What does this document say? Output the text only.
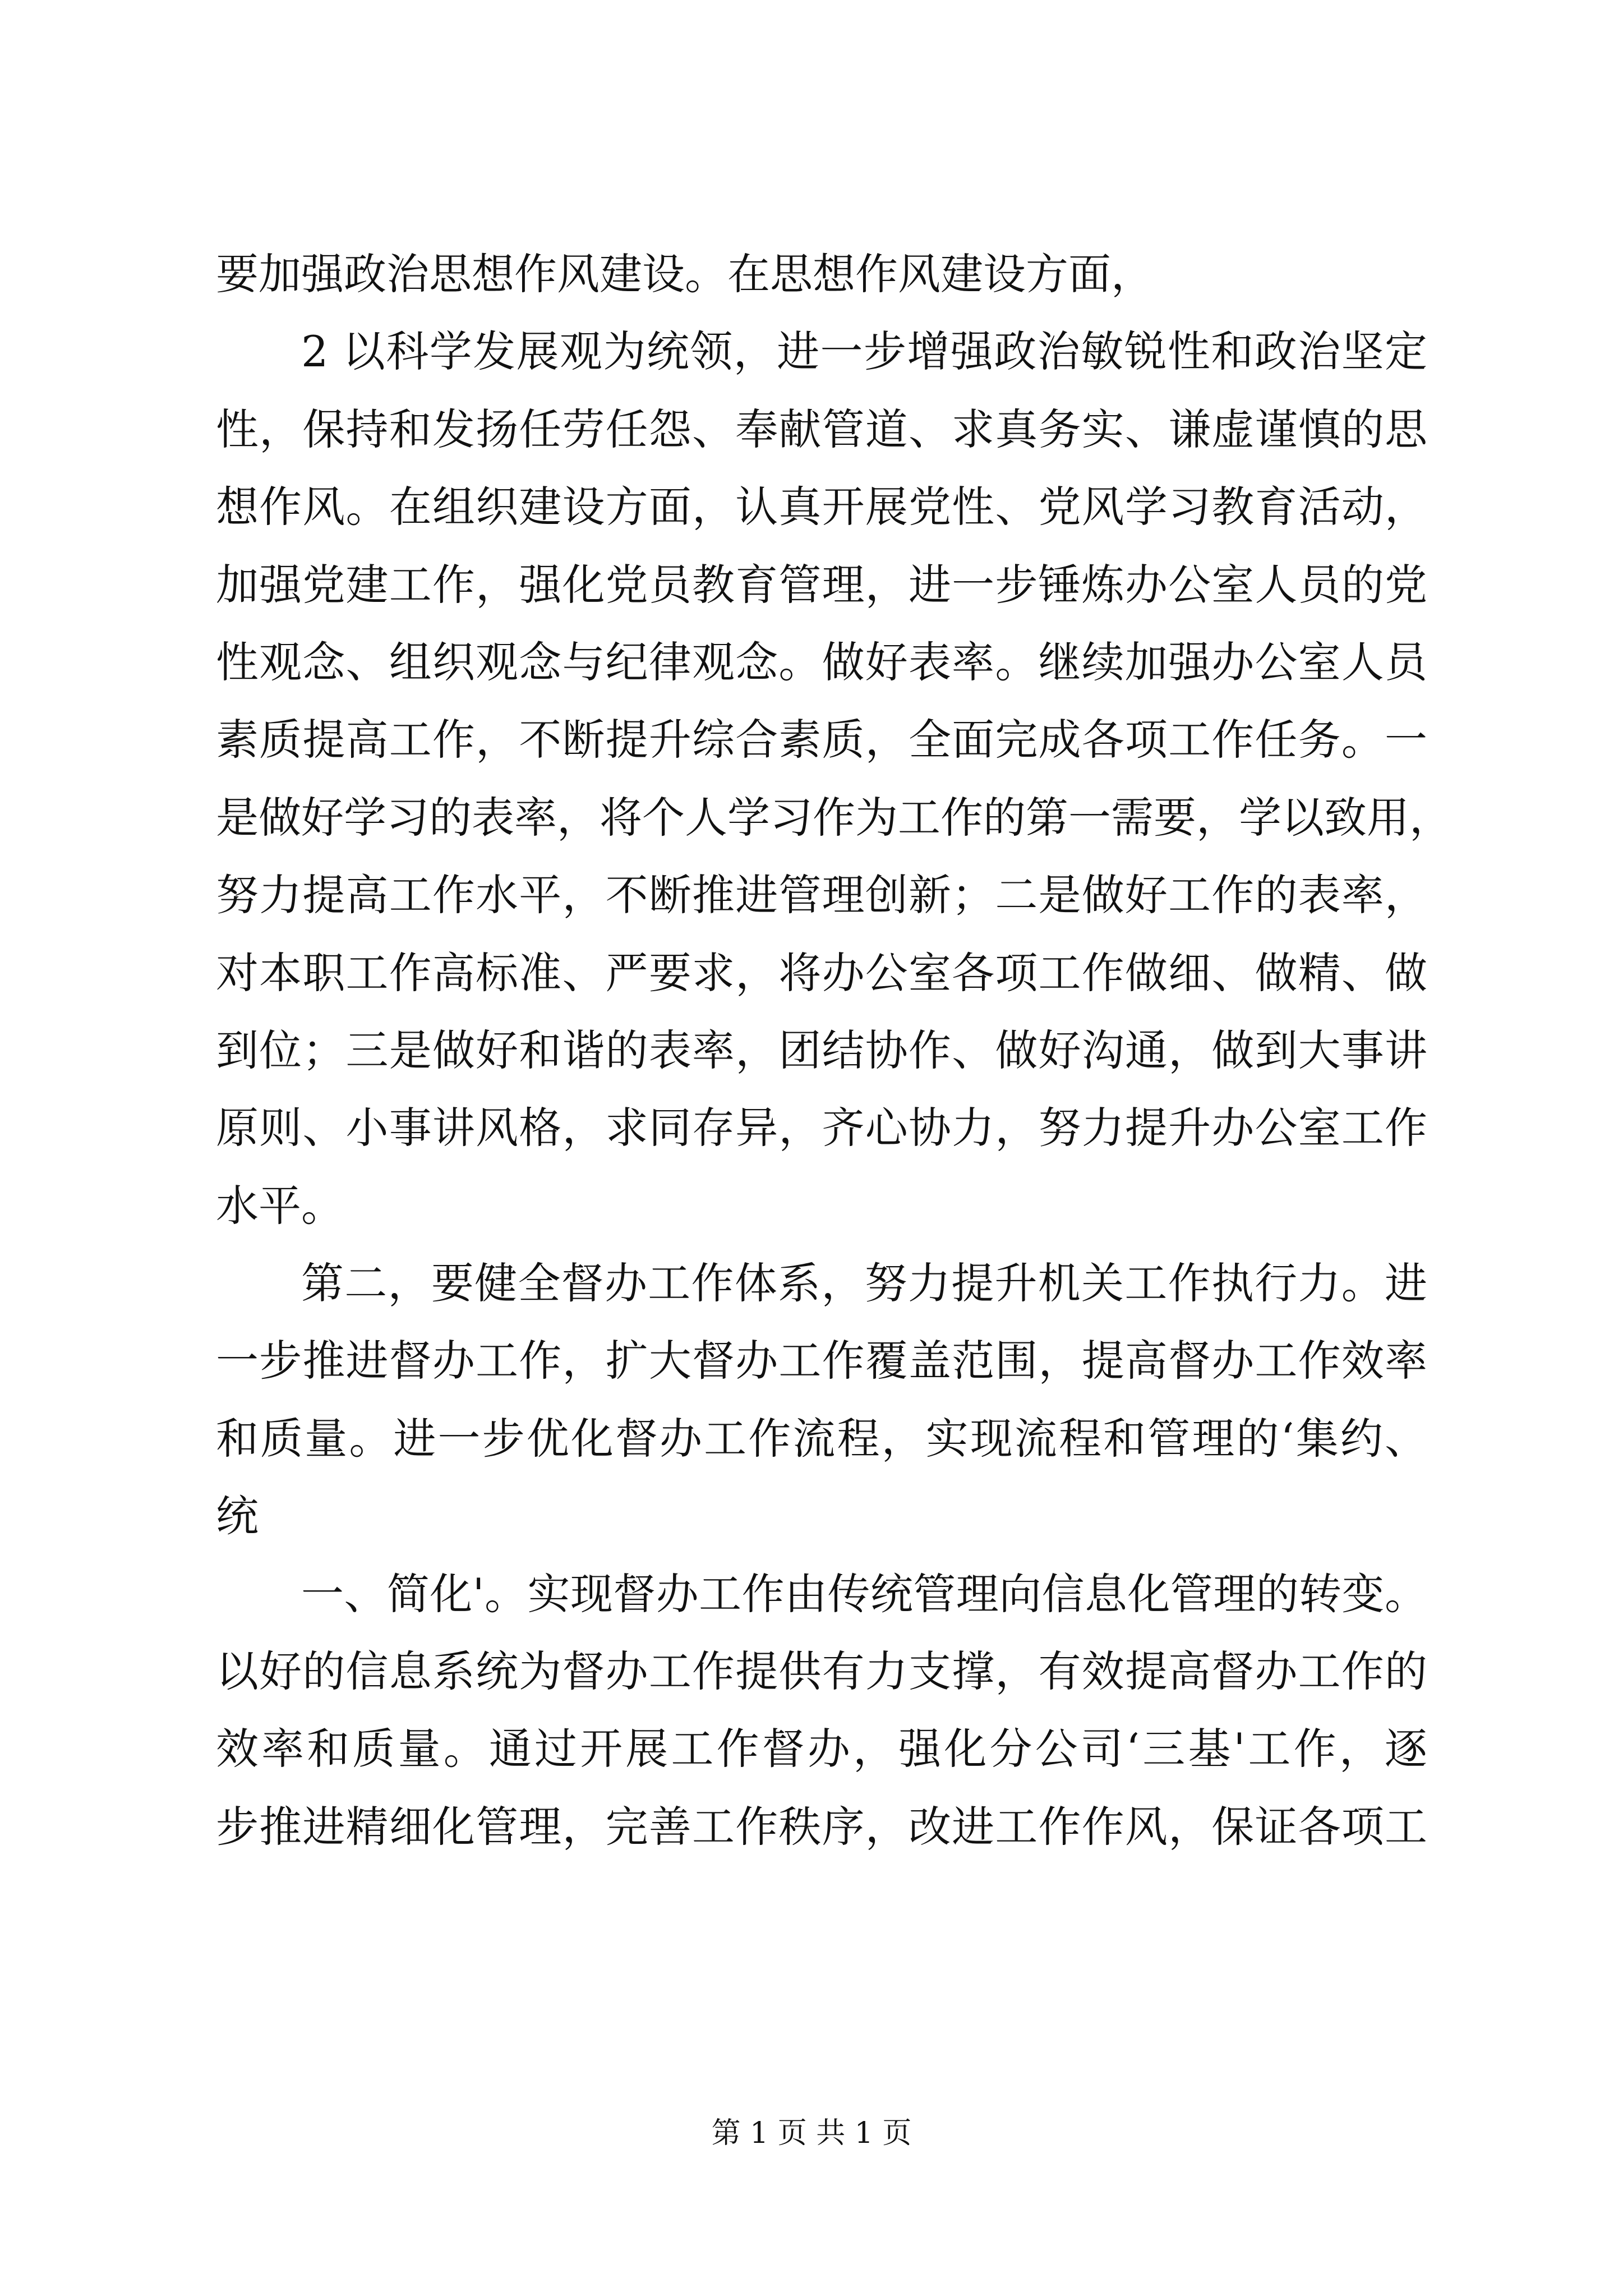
要加强政治思想作风建设。在思想作风建设方面，
2 以科学发展观为统领，进一步增强政治敏锐性和政治坚定
性，保持和发扬任劳任怨、奉献管道、求真务实、谦虚谨慎的思
想作风。在组织建设方面，认真开展党性、党风学习教育活动，
加强党建工作，强化党员教育管理，进一步锤炼办公室人员的党
性观念、组织观念与纪律观念。做好表率。继续加强办公室人员
素质提高工作，不断提升综合素质，全面完成各项工作任务。一
是做好学习的表率，将个人学习作为工作的第一需要，学以致用，
努力提高工作水平，不断推进管理创新；二是做好工作的表率，
对本职工作高标准、严要求，将办公室各项工作做细、做精、做
到位；三是做好和谐的表率，团结协作、做好沟通，做到大事讲
原则、小事讲风格，求同存异，齐心协力，努力提升办公室工作
水平。
第二，要健全督办工作体系，努力提升机关工作执行力。进
一步推进督办工作，扩大督办工作覆盖范围，提高督办工作效率
和质量。进一步优化督办工作流程，实现流程和管理的‘集约、
统
一、简化'。实现督办工作由传统管理向信息化管理的转变。
以好的信息系统为督办工作提供有力支撑，有效提高督办工作的
效率和质量。通过开展工作督办，强化分公司‘三基'工作，逐
步推进精细化管理，完善工作秩序，改进工作作风，保证各项工
第 1 页 共 1 页
